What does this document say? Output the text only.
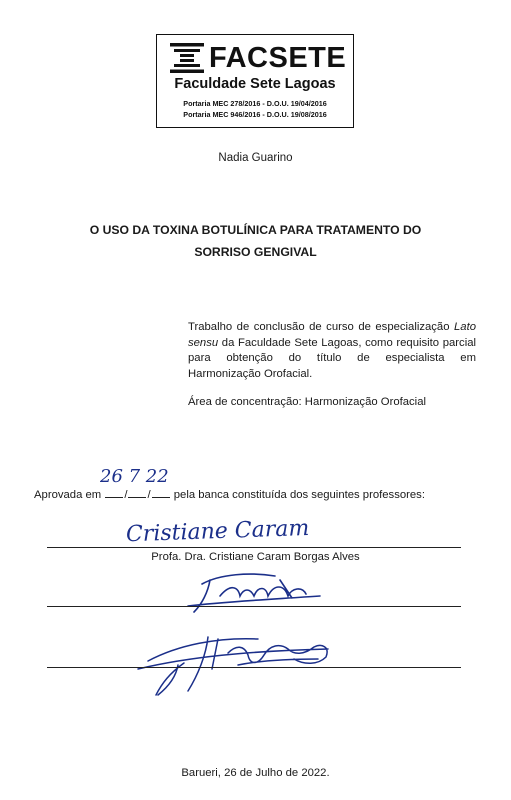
FACSETE
Faculdade Sete Lagoas
Portaria MEC 278/2016 - D.O.U. 19/04/2016
Portaria MEC 946/2016 - D.O.U. 19/08/2016
Nadia Guarino
O USO DA TOXINA BOTULÍNICA PARA TRATAMENTO DO
SORRISO GENGIVAL
Trabalho de conclusão de curso de especialização Lato sensu da Faculdade Sete Lagoas, como requisito parcial para obtenção do título de especialista em Harmonização Orofacial.
Área de concentração: Harmonização Orofacial
26 7 22
Aprovada em / / pela banca constituída dos seguintes professores:
Cristiane Caram
Profa. Dra. Cristiane Caram Borgas Alves
Barueri, 26 de Julho de 2022.
